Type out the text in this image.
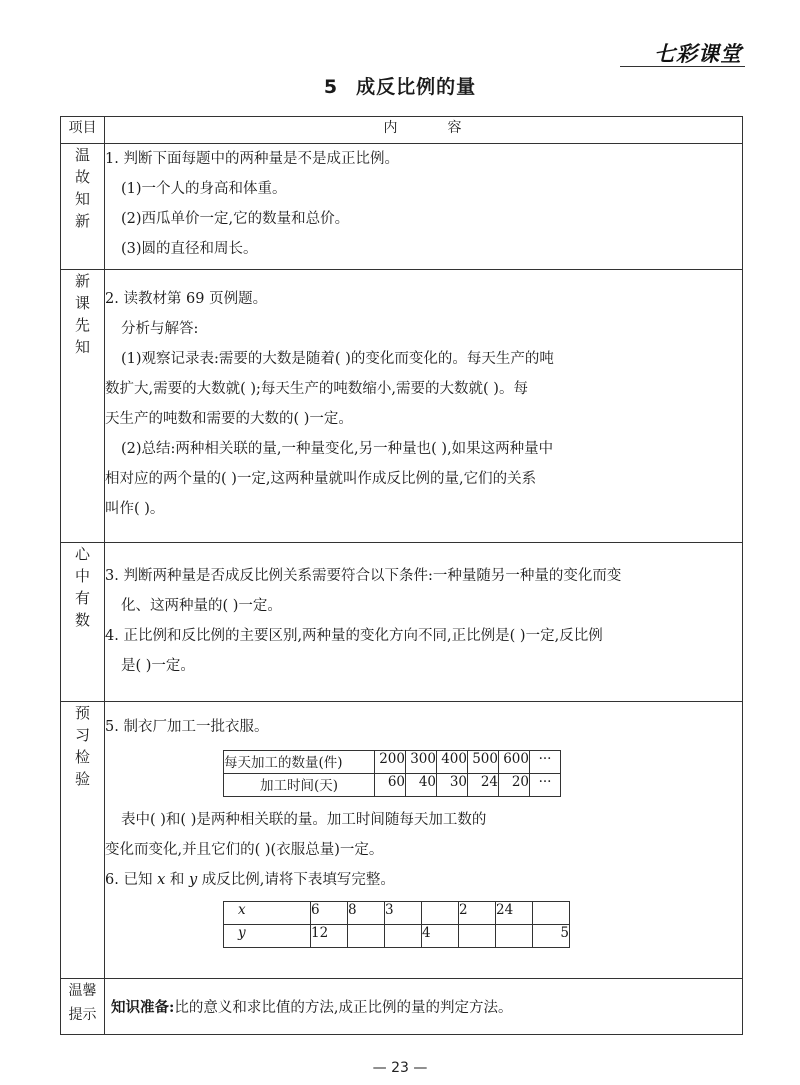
七彩课堂
5 成反比例的量
项目	内	容

温
故
知
新

1. 判断下面每题中的两种量是不是成正比例。
(1)一个人的身高和体重。
(2)西瓜单价一定,它的数量和总价。
(3)圆的直径和周长。

新
课
先
知

2. 读教材第 69 页例题。
分析与解答:
(1)观察记录表:需要的大数是随着( )的变化而变化的。每天生产的吨
数扩大,需要的大数就( );每天生产的吨数缩小,需要的大数就( )。每
天生产的吨数和需要的大数的( )一定。
(2)总结:两种相关联的量,一种量变化,另一种量也( ),如果这两种量中
相对应的两个量的( )一定,这两种量就叫作成反比例的量,它们的关系
叫作( )。

心
中
有
数

3. 判断两种量是否成反比例关系需要符合以下条件:一种量随另一种量的变化而变
化、这两种量的( )一定。
4. 正比例和反比例的主要区别,两种量的变化方向不同,正比例是( )一定,反比例
是( )一定。

预
习
检
验

5. 制衣厂加工一批衣服。
每天加工的数量(件)	200	300	400	500	600	···
加工时间(天)	60	40	30	24	20	···
表中( )和( )是两种相关联的量。加工时间随每天加工数的
变化而变化,并且它们的( )(衣服总量)一定。
6. 已知 x 和 y 成反比例,请将下表填写完整。
x	6	8	3		2	24	
y	12			4			5

温馨
提示	知识准备:比的意义和求比值的方法,成正比例的量的判定方法。
— 23 —
